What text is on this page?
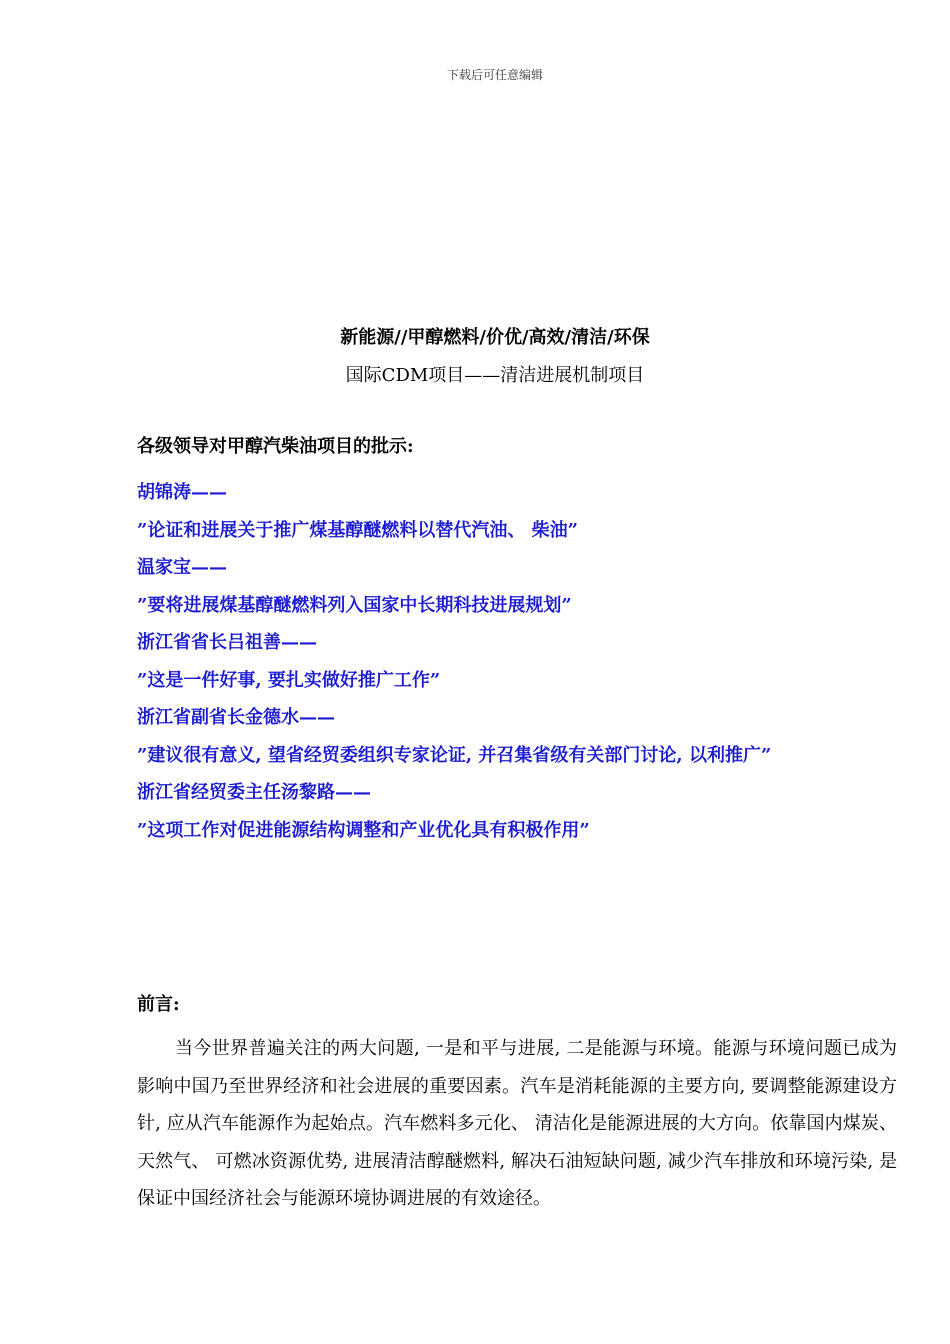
下载后可任意编辑
新能源//甲醇燃料/价优/高效/清洁/环保
国际CDM项目——清洁进展机制项目
各级领导对甲醇汽柴油项目的批示:
胡锦涛——
”论证和进展关于推广煤基醇醚燃料以替代汽油、 柴油”
温家宝——
”要将进展煤基醇醚燃料列入国家中长期科技进展规划”
浙江省省长吕祖善——
”这是一件好事, 要扎实做好推广工作”
浙江省副省长金德水——
”建议很有意义, 望省经贸委组织专家论证, 并召集省级有关部门讨论, 以利推广”
浙江省经贸委主任汤黎路——
”这项工作对促进能源结构调整和产业优化具有积极作用”
前言:

当今世界普遍关注的两大问题, 一是和平与进展, 二是能源与环境。能源与环境问题已成为影响中国乃至世界经济和社会进展的重要因素。汽车是消耗能源的主要方向, 要调整能源建设方针, 应从汽车能源作为起始点。汽车燃料多元化、 清洁化是能源进展的大方向。依靠国内煤炭、 天然气、 可燃冰资源优势, 进展清洁醇醚燃料, 解决石油短缺问题, 减少汽车排放和环境污染, 是保证中国经济社会与能源环境协调进展的有效途径。
